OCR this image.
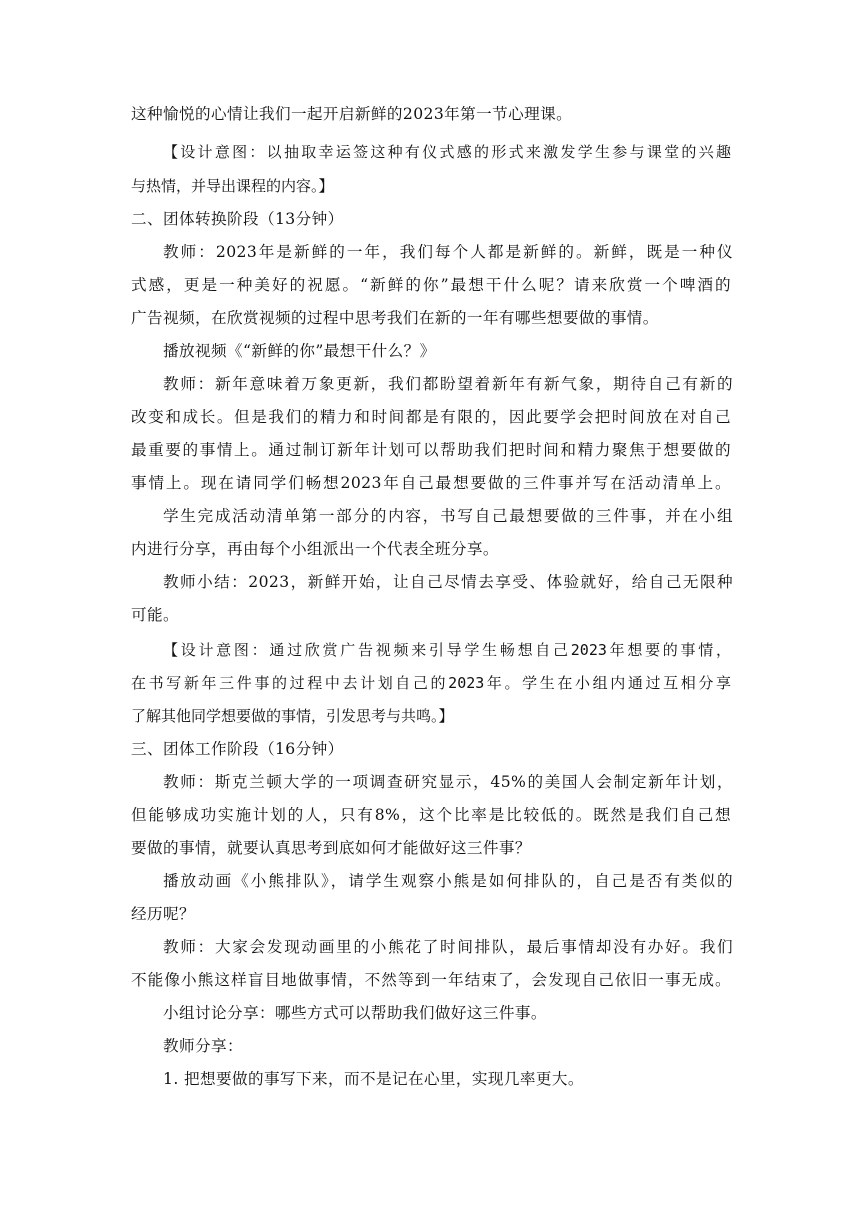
这种愉悦的心情让我们一起开启新鲜的2023年第一节心理课。
【设计意图：以抽取幸运签这种有仪式感的形式来激发学生参与课堂的兴趣
与热情，并导出课程的内容。】
二、团体转换阶段（13分钟）
教师：2023年是新鲜的一年，我们每个人都是新鲜的。新鲜，既是一种仪
式感，更是一种美好的祝愿。“新鲜的你”最想干什么呢？请来欣赏一个啤酒的
广告视频，在欣赏视频的过程中思考我们在新的一年有哪些想要做的事情。
播放视频《“新鲜的你”最想干什么？》
教师：新年意味着万象更新，我们都盼望着新年有新气象，期待自己有新的
改变和成长。但是我们的精力和时间都是有限的，因此要学会把时间放在对自己
最重要的事情上。通过制订新年计划可以帮助我们把时间和精力聚焦于想要做的
事情上。现在请同学们畅想2023年自己最想要做的三件事并写在活动清单上。
学生完成活动清单第一部分的内容，书写自己最想要做的三件事，并在小组
内进行分享，再由每个小组派出一个代表全班分享。
教师小结：2023，新鲜开始，让自己尽情去享受、体验就好，给自己无限种
可能。
【设计意图：通过欣赏广告视频来引导学生畅想自己2023年想要的事情，
在书写新年三件事的过程中去计划自己的2023年。学生在小组内通过互相分享
了解其他同学想要做的事情，引发思考与共鸣。】
三、团体工作阶段（16分钟）
教师：斯克兰顿大学的一项调查研究显示，45%的美国人会制定新年计划，
但能够成功实施计划的人，只有8%，这个比率是比较低的。既然是我们自己想
要做的事情，就要认真思考到底如何才能做好这三件事？
播放动画《小熊排队》，请学生观察小熊是如何排队的，自己是否有类似的
经历呢？
教师：大家会发现动画里的小熊花了时间排队，最后事情却没有办好。我们
不能像小熊这样盲目地做事情，不然等到一年结束了，会发现自己依旧一事无成。
小组讨论分享：哪些方式可以帮助我们做好这三件事。
教师分享：
1. 把想要做的事写下来，而不是记在心里，实现几率更大。
